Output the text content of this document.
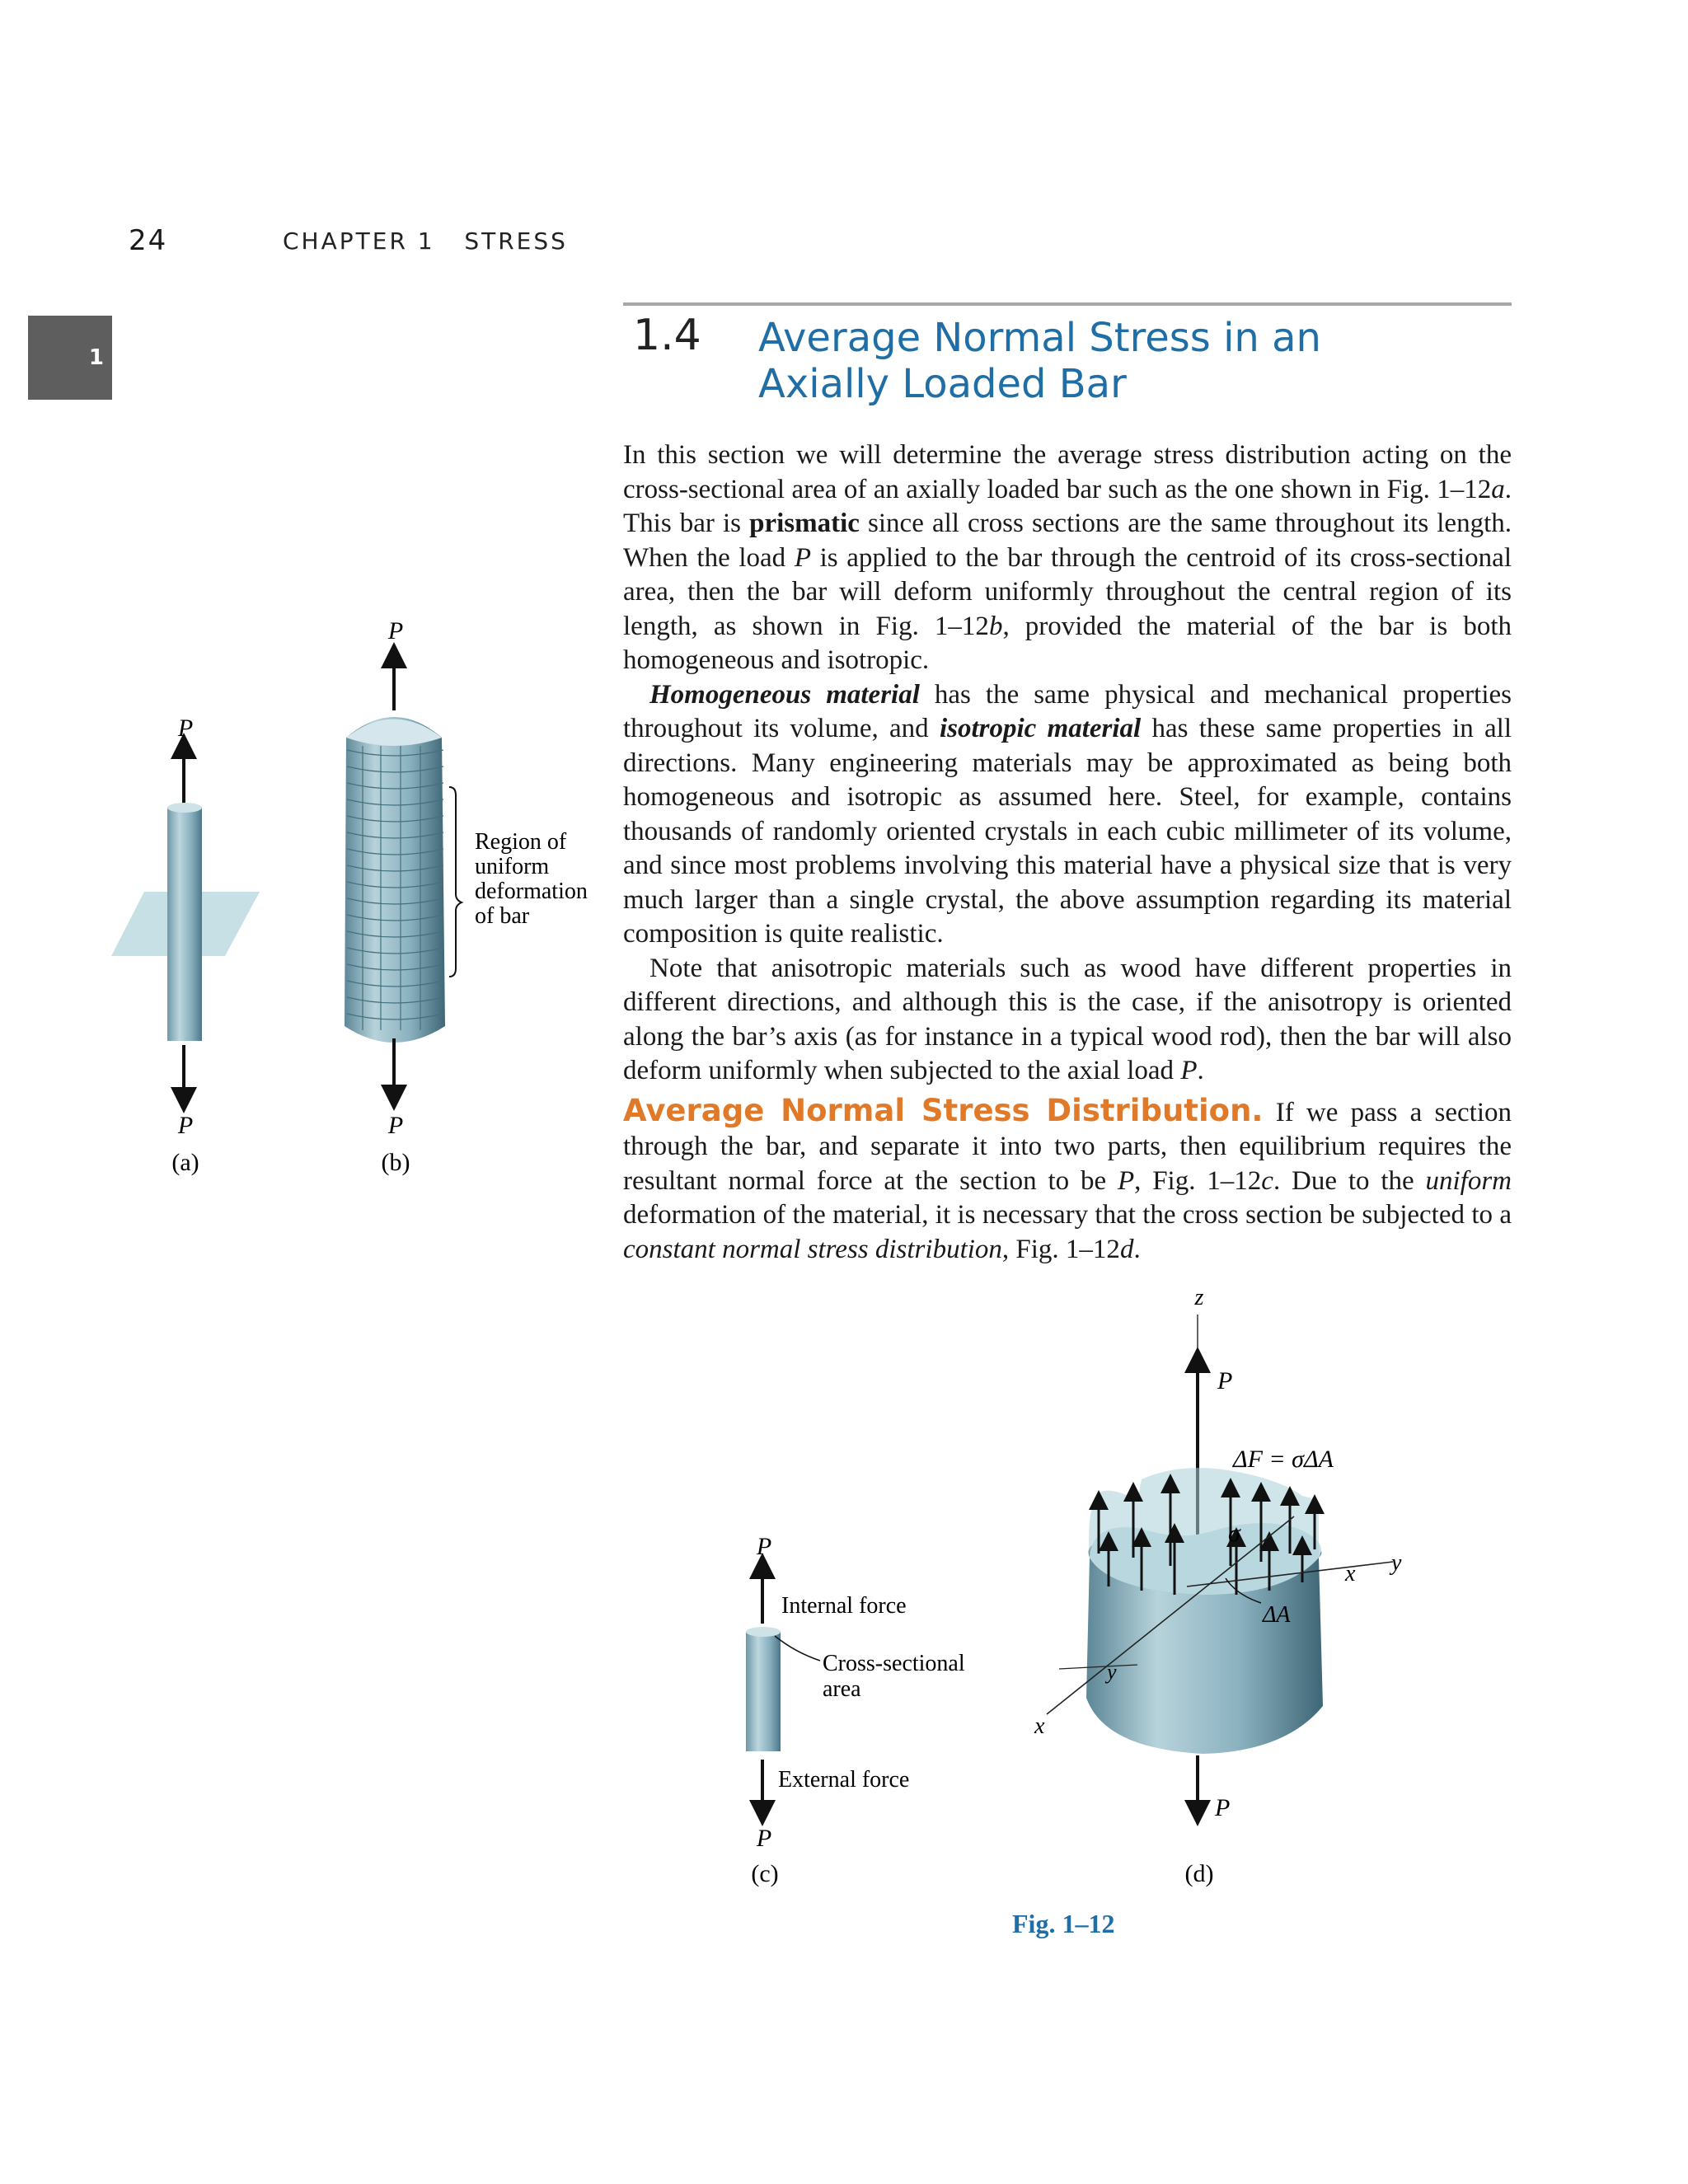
24	CHAPTER 1 STRESS
1	1.4 Average Normal Stress in an
Axially Loaded Bar

In this section we will determine the average stress distribution acting on the cross-sectional area of an axially loaded bar such as the one shown in Fig. 1–12a. This bar is prismatic since all cross sections are the same throughout its length. When the load P is applied to the bar through the centroid of its cross-sectional area, then the bar will deform uniformly throughout the central region of its length, as shown in Fig. 1–12b, provided the material of the bar is both homogeneous and isotropic.

Homogeneous material has the same physical and mechanical properties throughout its volume, and isotropic material has these same properties in all directions. Many engineering materials may be approximated as being both homogeneous and isotropic as assumed here. Steel, for example, contains thousands of randomly oriented crystals in each cubic millimeter of its volume, and since most problems involving this material have a physical size that is very much larger than a single crystal, the above assumption regarding its material composition is quite realistic.

Note that anisotropic materials such as wood have different properties in different directions, and although this is the case, if the anisotropy is oriented along the bar’s axis (as for instance in a typical wood rod), then the bar will also deform uniformly when subjected to the axial load P.

Average Normal Stress Distribution. If we pass a section through the bar, and separate it into two parts, then equilibrium requires the resultant normal force at the section to be P, Fig. 1–12c. Due to the uniform deformation of the material, it is necessary that the cross section be subjected to a constant normal stress distribution, Fig. 1–12d.

P
P
(a)
P
P
(b)
Region of
uniform
deformation
of bar
P
Internal force
Cross-sectional
area
External force
P
(c)
z
P
ΔF = σΔA
σ
y
x
ΔA
y
x
P
(d)
Fig. 1–12
